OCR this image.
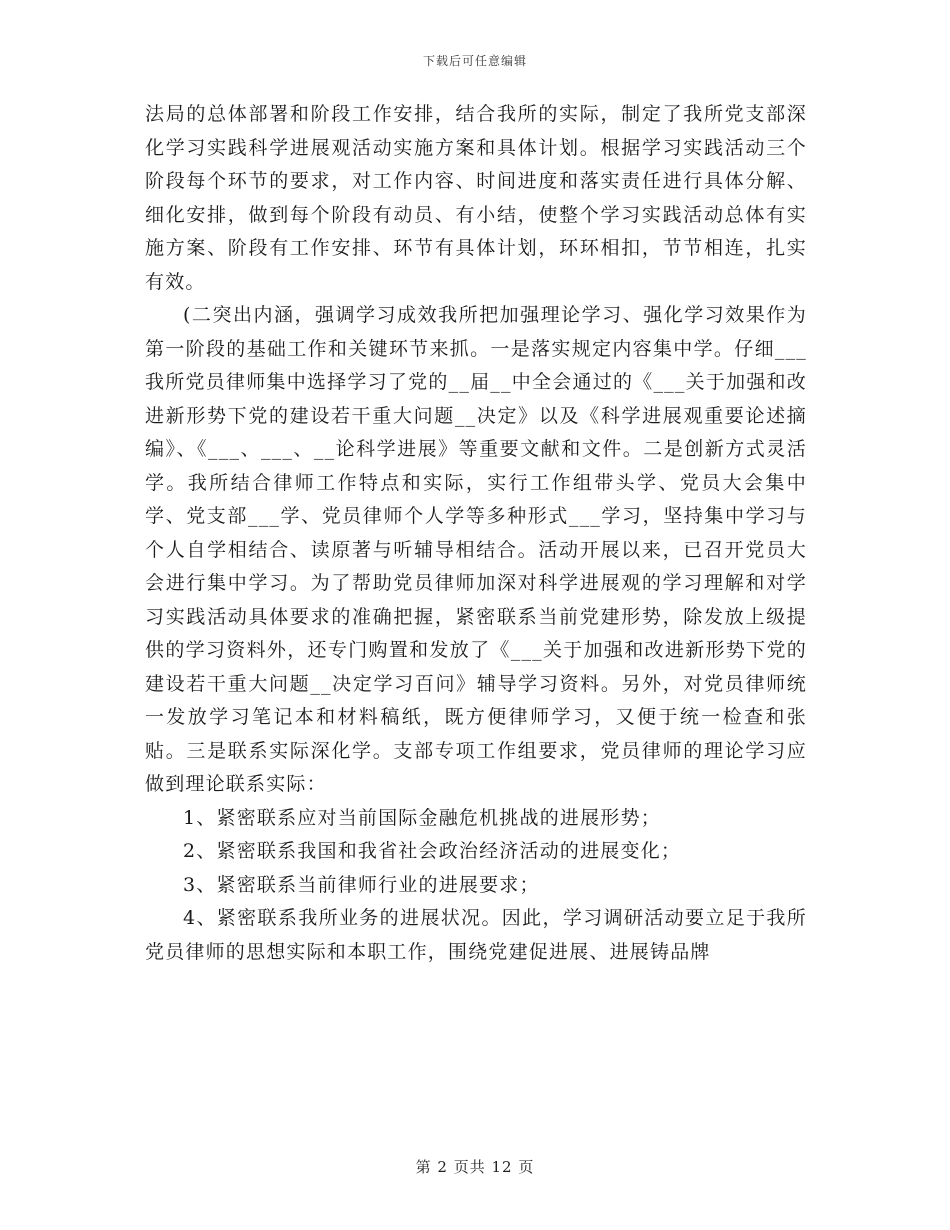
下载后可任意编辑

法局的总体部署和阶段工作安排，结合我所的实际，制定了我所党支部深化学习实践科学进展观活动实施方案和具体计划。根据学习实践活动三个阶段每个环节的要求，对工作内容、时间进度和落实责任进行具体分解、细化安排，做到每个阶段有动员、有小结，使整个学习实践活动总体有实施方案、阶段有工作安排、环节有具体计划，环环相扣，节节相连，扎实有效。

(二突出内涵，强调学习成效我所把加强理论学习、强化学习效果作为第一阶段的基础工作和关键环节来抓。一是落实规定内容集中学。仔细___我所党员律师集中选择学习了党的__届__中全会通过的《___关于加强和改进新形势下党的建设若干重大问题__决定》以及《科学进展观重要论述摘编》、《___、___、__论科学进展》等重要文献和文件。二是创新方式灵活学。我所结合律师工作特点和实际，实行工作组带头学、党员大会集中学、党支部___学、党员律师个人学等多种形式___学习，坚持集中学习与个人自学相结合、读原著与听辅导相结合。活动开展以来，已召开党员大会进行集中学习。为了帮助党员律师加深对科学进展观的学习理解和对学习实践活动具体要求的准确把握，紧密联系当前党建形势，除发放上级提供的学习资料外，还专门购置和发放了《___关于加强和改进新形势下党的建设若干重大问题__决定学习百问》辅导学习资料。另外，对党员律师统一发放学习笔记本和材料稿纸，既方便律师学习，又便于统一检查和张贴。三是联系实际深化学。支部专项工作组要求，党员律师的理论学习应做到理论联系实际：

1、紧密联系应对当前国际金融危机挑战的进展形势；

2、紧密联系我国和我省社会政治经济活动的进展变化；

3、紧密联系当前律师行业的进展要求；

4、紧密联系我所业务的进展状况。因此，学习调研活动要立足于我所党员律师的思想实际和本职工作，围绕党建促进展、进展铸品牌

第 2 页共 12 页
